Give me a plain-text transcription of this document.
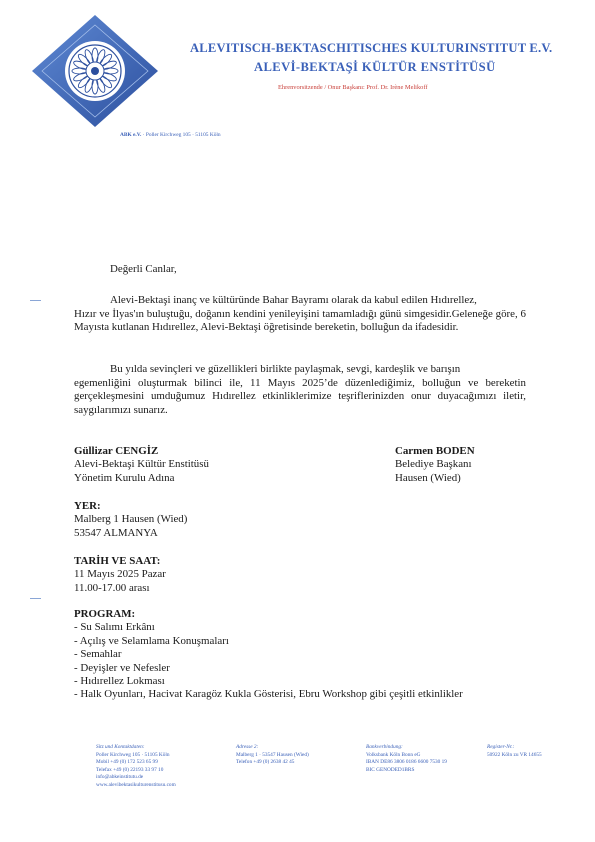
ALEVITISCH-BEKTASCHITISCHES KULTURINSTITUT E.V.
ALEVİ-BEKTAŞİ KÜLTÜR ENSTİTÜSÜ
Ehrenvorsitzende / Onur Başkanı: Prof. Dr. Irène Melikoff
ABK e.V. · Poller Kirchweg 105 · 51105 Köln
Değerli Canlar,
Alevi-Bektaşi inanç ve kültüründe Bahar Bayramı olarak da kabul edilen Hıdırellez,
Hızır ve İlyas'ın buluştuğu, doğanın kendini yenileyişini tamamladığı günü simgesidir.Geleneğe göre, 6 Mayısta kutlanan Hıdırellez, Alevi-Bektaşi öğretisinde bereketin, bolluğun da ifadesidir.
Bu yılda sevinçleri ve güzellikleri birlikte paylaşmak, sevgi, kardeşlik ve barışın
egemenliğini oluşturmak bilinci ile, 11 Mayıs 2025’de düzenlediğimiz, bolluğun ve bereketin gerçekleşmesini umduğumuz Hıdırellez etkinliklerimize teşriflerinizden onur duyacağımızı iletir, saygılarımızı sunarız.
Güllizar CENGİZ
Alevi-Bektaşi Kültür Enstitüsü
Yönetim Kurulu Adına
Carmen BODEN
Belediye Başkanı
Hausen (Wied)
YER:
Malberg 1 Hausen (Wied)
53547 ALMANYA
TARİH VE SAAT:
11 Mayıs 2025 Pazar
11.00-17.00 arası
PROGRAM:
- Su Salımı Erkânı
- Açılış ve Selamlama Konuşmaları
- Semahlar
- Deyişler ve Nefesler
- Hıdırellez Lokması
- Halk Oyunları, Hacivat Karagöz Kukla Gösterisi, Ebru Workshop gibi çeşitli etkinlikler
Sitz und Kontaktdaten:
Poller Kirchweg 105 · 51105 Köln
Mobil +49 (0) 172 523 65 99
Telefax +49 (0) 22193 33 97 10
info@abkeinstitutu.de
www.alevibektasikulturenstitusu.com
Adresse 2:
Malberg 1 · 53547 Hausen (Wied)
Telefon +49 (0) 2638 42 45
Bankverbindung:
Volksbank Köln Bonn eG
IBAN DE86 3806 0186 6600 7530 19
BIC GENODED1BRS
Register-Nr.:
50922 Köln zu VR 14655
